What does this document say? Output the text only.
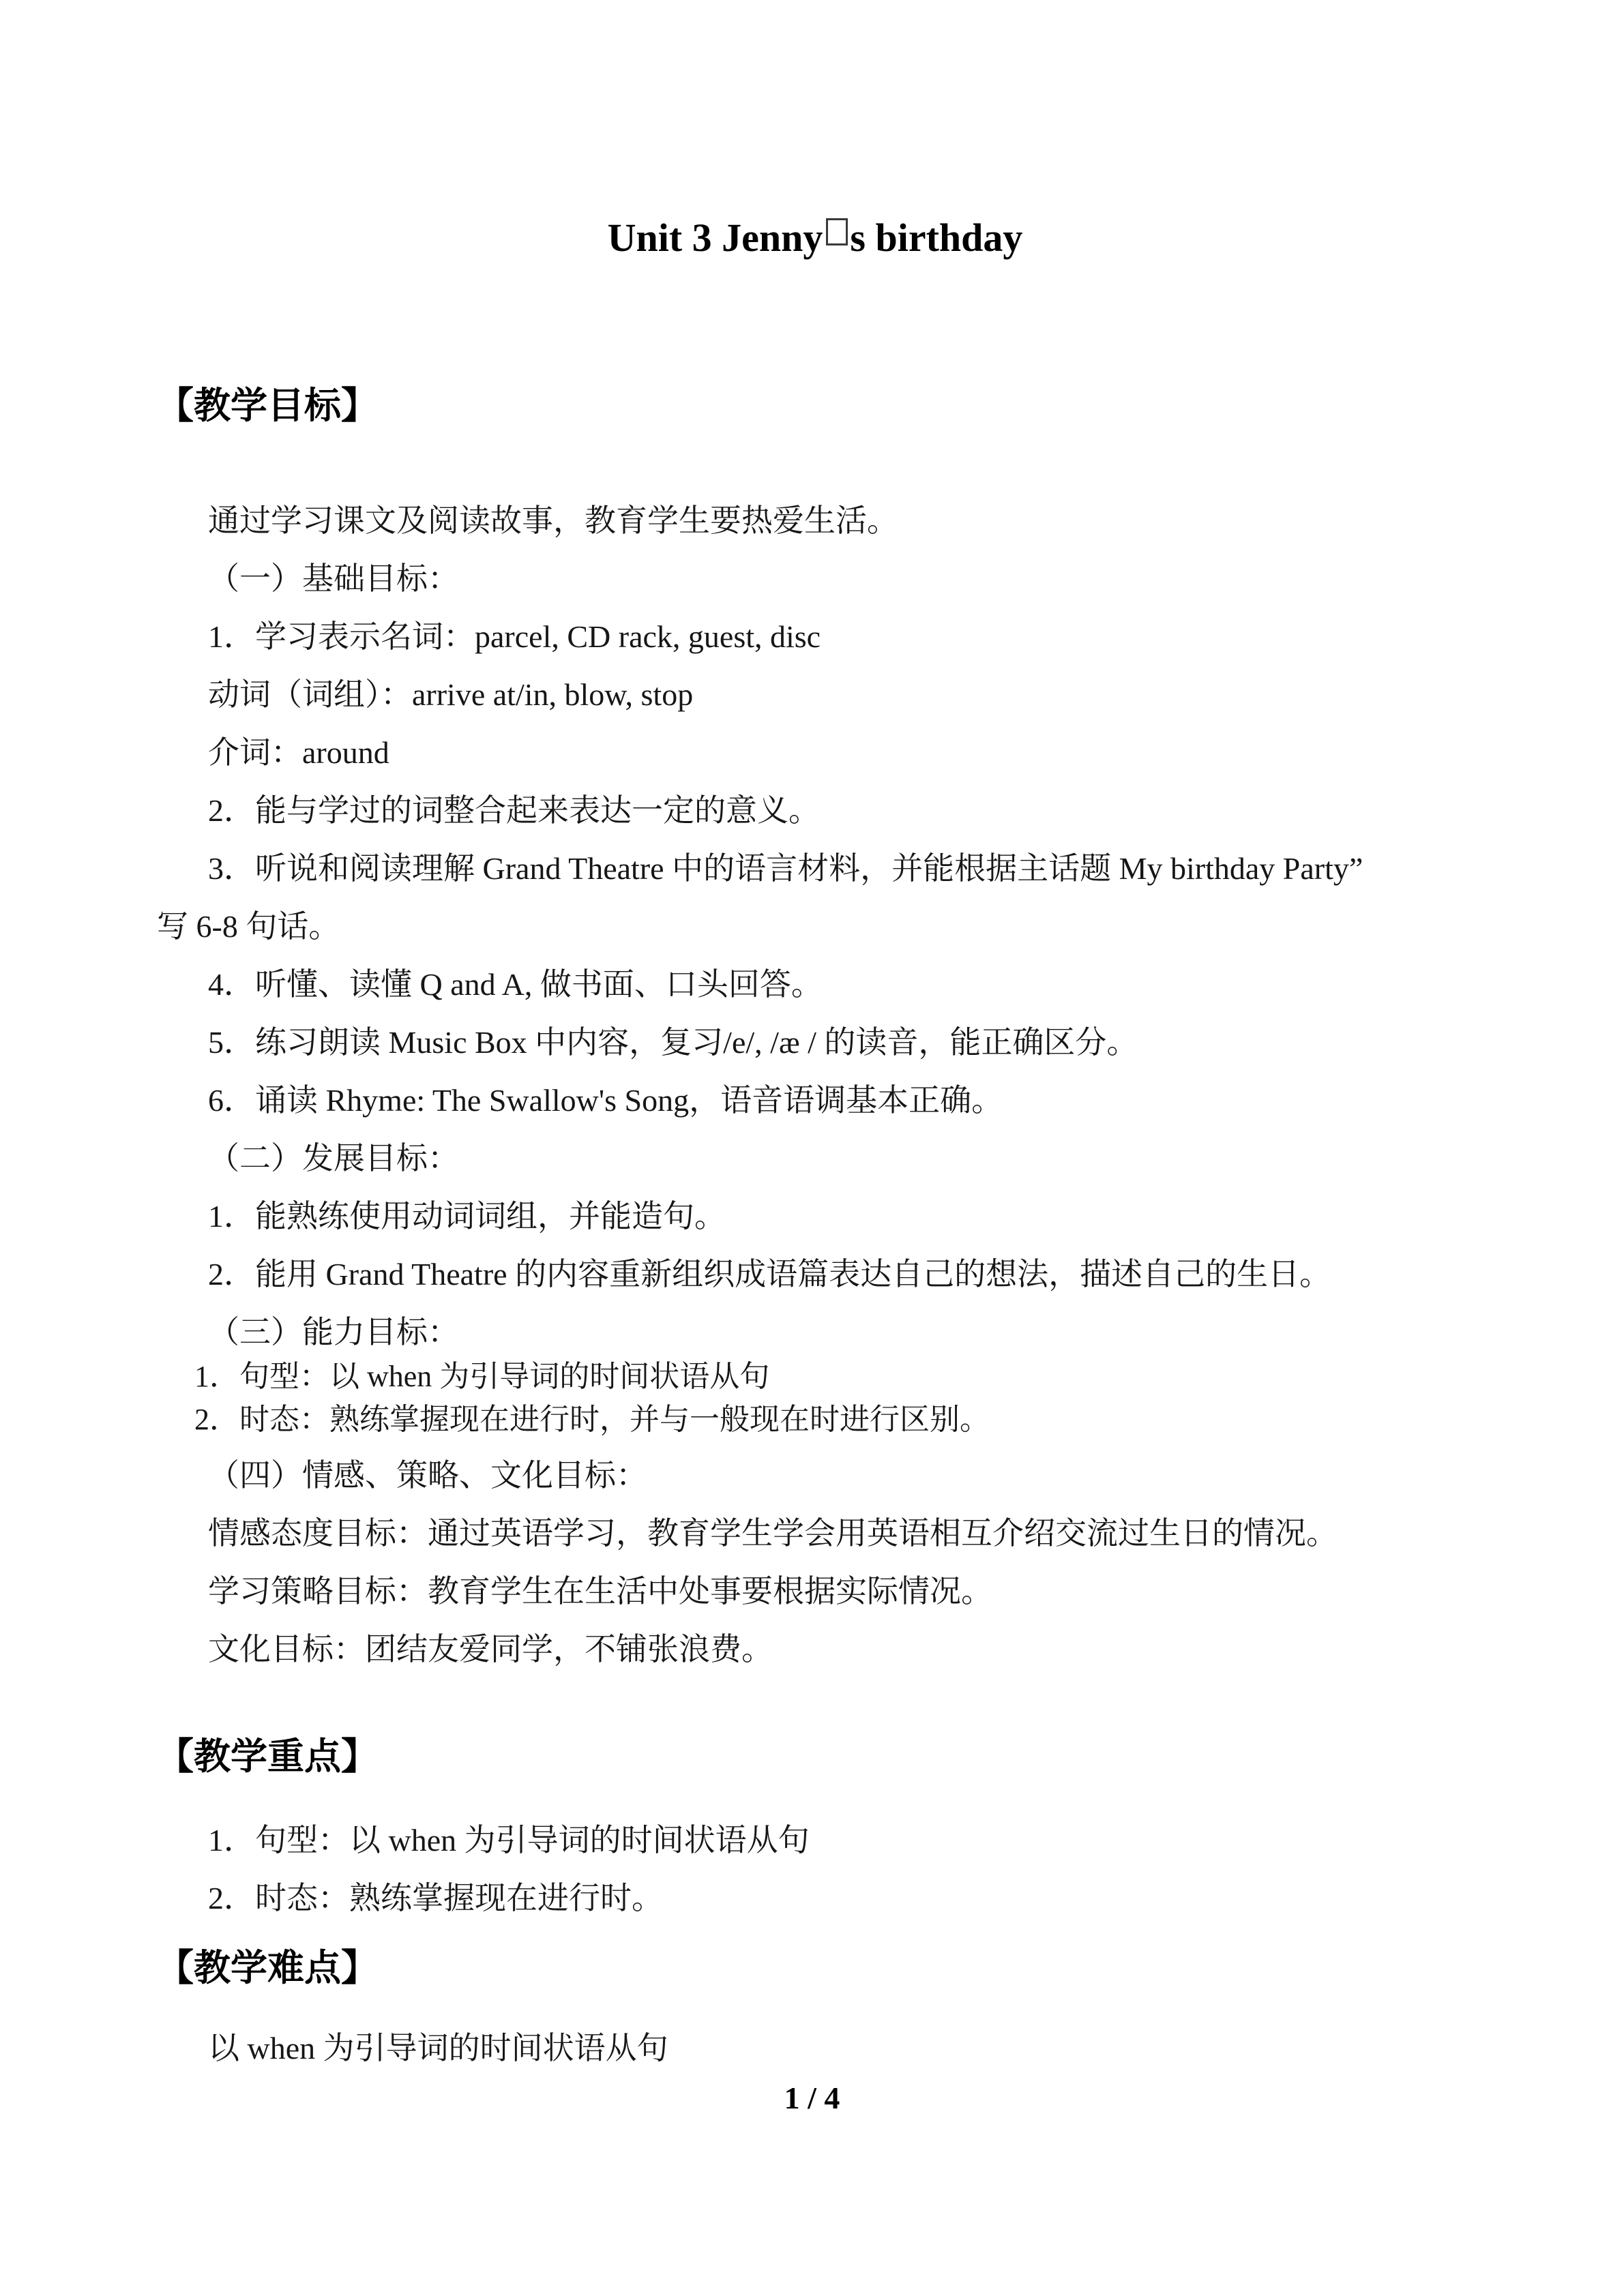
Unit 3 Jenny s birthday

【教学目标】

通过学习课文及阅读故事，教育学生要热爱生活。

（一）基础目标：

1．学习表示名词：parcel, CD rack, guest, disc

动词（词组）：arrive at/in, blow, stop

介词：around

2．能与学过的词整合起来表达一定的意义。

3．听说和阅读理解 Grand Theatre 中的语言材料，并能根据主话题 My birthday Party”

写 6-8 句话。

4．听懂、读懂 Q and A, 做书面、口头回答。

5．练习朗读 Music Box 中内容，复习/e/, /æ / 的读音，能正确区分。

6．诵读 Rhyme: The Swallow's Song，语音语调基本正确。

（二）发展目标：

1．能熟练使用动词词组，并能造句。

2．能用 Grand Theatre 的内容重新组织成语篇表达自己的想法，描述自己的生日。

（三）能力目标：

1．句型：以 when 为引导词的时间状语从句

2．时态：熟练掌握现在进行时，并与一般现在时进行区别。

（四）情感、策略、文化目标：

情感态度目标：通过英语学习，教育学生学会用英语相互介绍交流过生日的情况。

学习策略目标：教育学生在生活中处事要根据实际情况。

文化目标：团结友爱同学，不铺张浪费。

【教学重点】

1．句型：以 when 为引导词的时间状语从句

2．时态：熟练掌握现在进行时。

【教学难点】

以 when 为引导词的时间状语从句

1 / 4
